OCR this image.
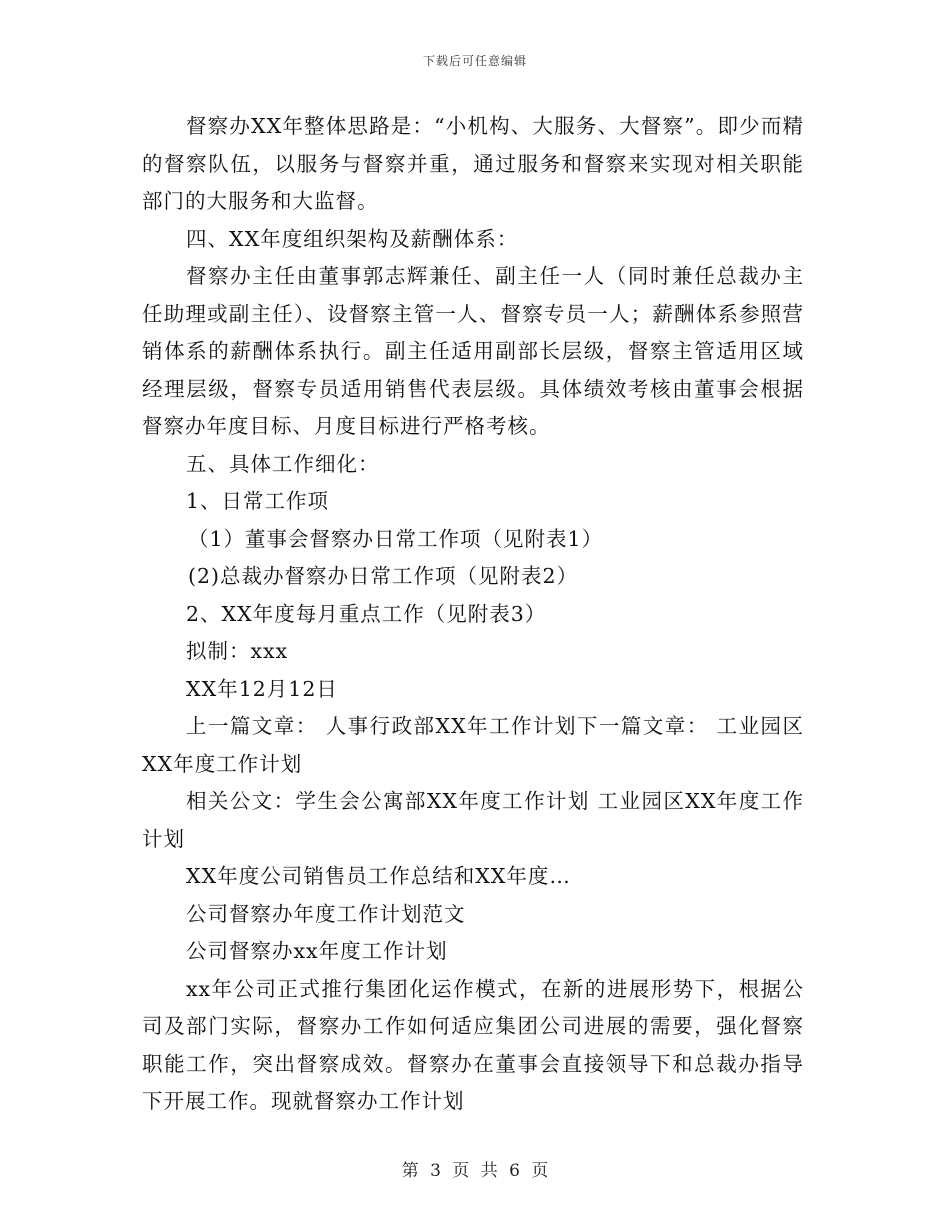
下载后可任意编辑

督察办XX年整体思路是：“小机构、大服务、大督察”。即少而精的督察队伍，以服务与督察并重，通过服务和督察来实现对相关职能部门的大服务和大监督。

四、XX年度组织架构及薪酬体系：

督察办主任由董事郭志辉兼任、副主任一人（同时兼任总裁办主任助理或副主任）、设督察主管一人、督察专员一人；薪酬体系参照营销体系的薪酬体系执行。副主任适用副部长层级，督察主管适用区域经理层级，督察专员适用销售代表层级。具体绩效考核由董事会根据督察办年度目标、月度目标进行严格考核。

五、具体工作细化：

1、日常工作项

（1）董事会督察办日常工作项（见附表1）

(2)总裁办督察办日常工作项（见附表2）

2、XX年度每月重点工作（见附表3）

拟制：xxx

XX年12月12日

上一篇文章： 人事行政部XX年工作计划下一篇文章： 工业园区XX年度工作计划

相关公文：学生会公寓部XX年度工作计划 工业园区XX年度工作计划

XX年度公司销售员工作总结和XX年度…

公司督察办年度工作计划范文

公司督察办xx年度工作计划

xx年公司正式推行集团化运作模式，在新的进展形势下，根据公司及部门实际，督察办工作如何适应集团公司进展的需要，强化督察职能工作，突出督察成效。督察办在董事会直接领导下和总裁办指导下开展工作。现就督察办工作计划

第 3 页 共 6 页
